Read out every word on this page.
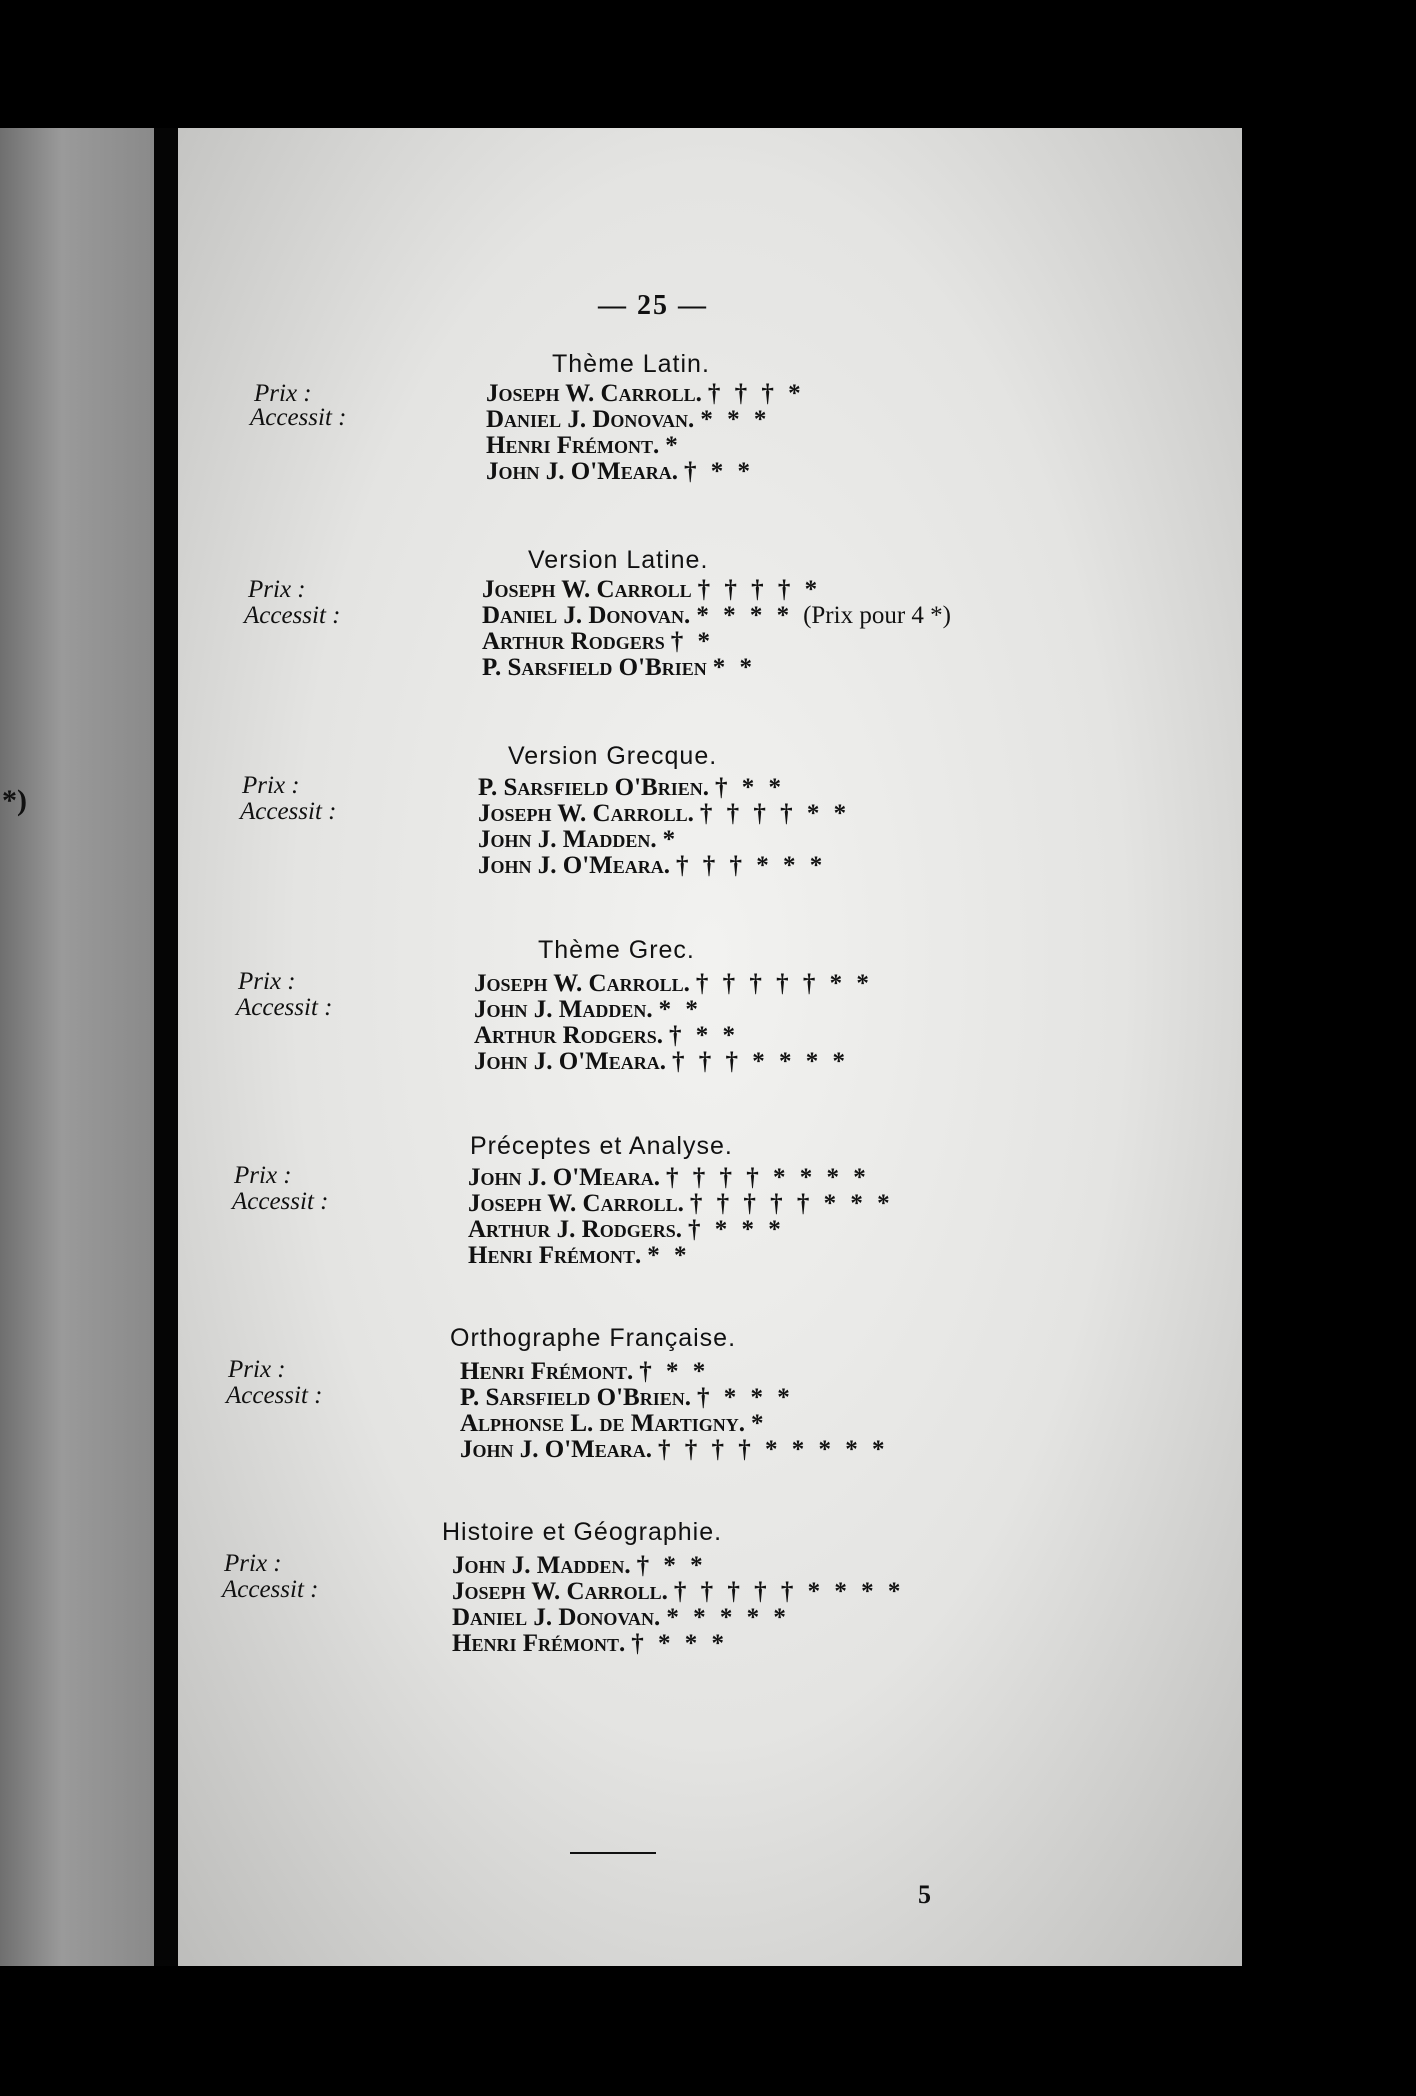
*)
— 25 —
Thème Latin.
Prix :
Accessit :
Joseph W. Carroll. † † † *
Daniel J. Donovan. * * *
Henri Frémont. *
John J. O'Meara. † * *
Version Latine.
Prix :
Accessit :
Joseph W. Carroll † † † † *
Daniel J. Donovan. * * * * (Prix pour 4 *)
Arthur Rodgers † *
P. Sarsfield O'Brien * *
Version Grecque.
Prix :
Accessit :
P. Sarsfield O'Brien. † * *
Joseph W. Carroll. † † † † * *
John J. Madden. *
John J. O'Meara. † † † * * *
Thème Grec.
Prix :
Accessit :
Joseph W. Carroll. † † † † † * *
John J. Madden. * *
Arthur Rodgers. † * *
John J. O'Meara. † † † * * * *
Préceptes et Analyse.
Prix :
Accessit :
John J. O'Meara. † † † † * * * *
Joseph W. Carroll. † † † † † * * *
Arthur J. Rodgers. † * * *
Henri Frémont. * *
Orthographe Française.
Prix :
Accessit :
Henri Frémont. † * *
P. Sarsfield O'Brien. † * * *
Alphonse L. de Martigny. *
John J. O'Meara. † † † † * * * * *
Histoire et Géographie.
Prix :
Accessit :
John J. Madden. † * *
Joseph W. Carroll. † † † † † * * * *
Daniel J. Donovan. * * * * *
Henri Frémont. † * * *
5
